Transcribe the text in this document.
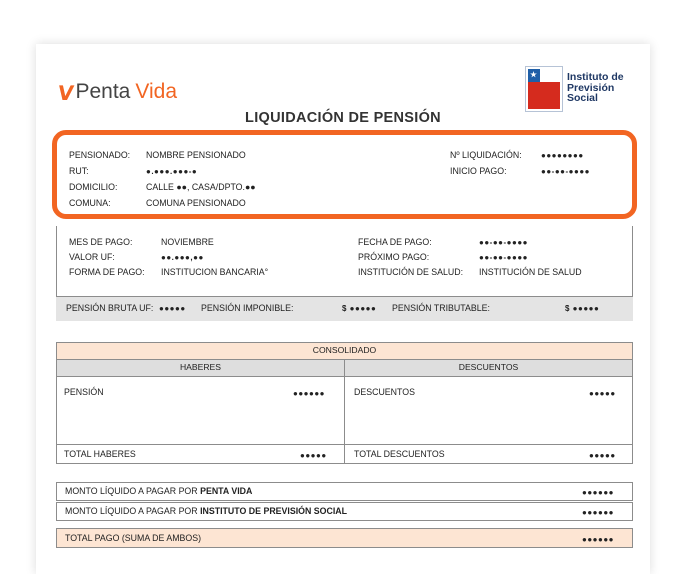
V Penta Vida
Instituto de
Previsión
Social
LIQUIDACIÓN DE PENSIÓN
PENSIONADO: NOMBRE PENSIONADO
RUT:	●.●●●.●●●-●
DOMICILIO:	CALLE ●●, CASA/DPTO.●●
COMUNA:	COMUNA PENSIONADO
Nº LIQUIDACIÓN: ●●●●●●●●
INICIO PAGO:	●●-●●-●●●●
MES DE PAGO:	NOVIEMBRE
VALOR UF:	●●.●●●,●●
FORMA DE PAGO: INSTITUCION BANCARIA°
FECHA DE PAGO:	●●-●●-●●●●
PRÓXIMO PAGO:	●●-●●-●●●●
INSTITUCIÓN DE SALUD: INSTITUCIÓN DE SALUD
PENSIÓN BRUTA UF: ●●●●● PENSIÓN IMPONIBLE:	$ ●●●●● PENSIÓN TRIBUTABLE:	$ ●●●●●
CONSOLIDADO
HABERES	DESCUENTOS
PENSIÓN	●●●●●●	DESCUENTOS	●●●●●
TOTAL HABERES	●●●●●	TOTAL DESCUENTOS	●●●●●
MONTO LÍQUIDO A PAGAR POR PENTA VIDA	●●●●●●
MONTO LÍQUIDO A PAGAR POR INSTITUTO DE PREVISIÓN SOCIAL	●●●●●●
TOTAL PAGO (SUMA DE AMBOS)	●●●●●●
